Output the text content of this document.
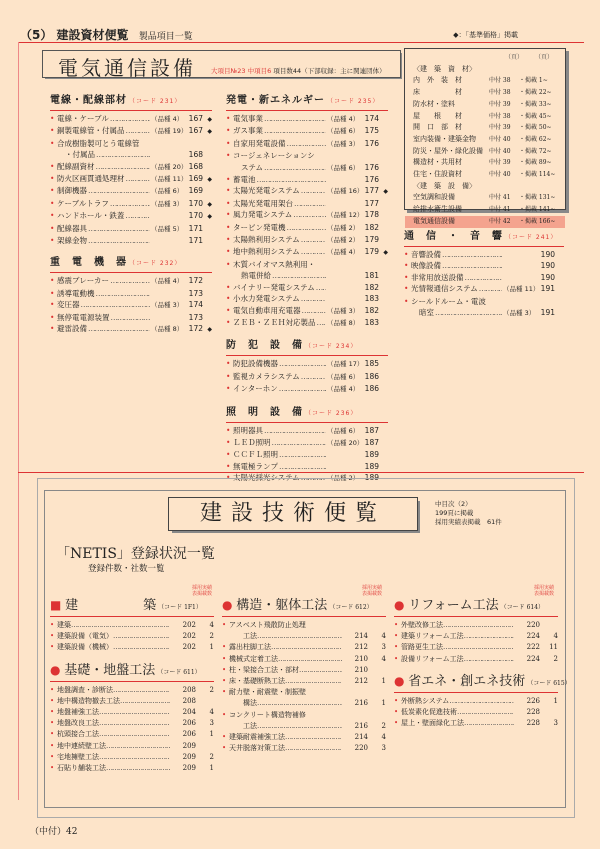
（5） 建設資材便覧 製品項目一覧	◆：「基準価格」掲載
電気通信設備 大項目№23 中項目6 項目数44（下部収録：主に関連団体）
（頁）	（頁）
〈建　築　資　材〉
内　外　装　材	中付 38	・掲載 1~
床　　　　　材	中付 38	・掲載 22~
防水材・塗料	中付 39	・掲載 33~
屋　　根　　材	中付 38	・掲載 45~
開　口　部　材	中付 39	・掲載 50~
室内装備・建築金物	中付 40	・掲載 62~
防災・屋外・緑化設備	中付 40	・掲載 72~
構造材・共用材	中付 39	・掲載 89~
住宅・住設資材	中付 40	・掲載 114~
〈建　築　設　備〉
空気調和設備	中付 41	・掲載 131~
給排水衛生設備	中付 41	・掲載 141~
電気通信設備	中付 42	・掲載 166~
電線・配線部材 （コード 231）
• 電線・ケーブル …………………………………………………………………………………………………	（品種 4） 167 ◆
• 銅製電線管・付属品 …………………………………………………………………………………………………	（品種 19） 167 ◆
• 合成樹脂製可とう電線管
・付属品 …………………………………………………………………………………………………	168
• 配線副資材 …………………………………………………………………………………………………	（品種 20） 168
• 防火区画貫通処理材 …………………………………………………………………………………………………	（品種 11） 169 ◆
• 制御機器 …………………………………………………………………………………………………	（品種 6） 169
• ケーブルトラフ …………………………………………………………………………………………………	（品種 3） 170 ◆
• ハンドホール・鉄蓋 …………………………………………………………………………………………………	170 ◆
• 配線器具 …………………………………………………………………………………………………	（品種 5） 171
• 架線金物 …………………………………………………………………………………………………	171
重　電　機　器 （コード 232）
• 感震ブレーカー …………………………………………………………………………………………………	（品種 4） 172
• 誘導電動機 …………………………………………………………………………………………………	173
• 変圧器 …………………………………………………………………………………………………	（品種 3） 174
• 無停電電源装置 …………………………………………………………………………………………………	173
• 避雷設備 …………………………………………………………………………………………………	（品種 8） 172 ◆
発電・新エネルギー （コード 235）
• 電気事業 …………………………………………………………………………………………………	（品種 4） 174
• ガス事業 …………………………………………………………………………………………………	（品種 6） 175
• 自家用発電設備 …………………………………………………………………………………………………	（品種 3） 176
• コージェネレーションシ
ステム …………………………………………………………………………………………………	（品種 6） 176
• 蓄電池 …………………………………………………………………………………………………	176
• 太陽光発電システム …………………………………………………………………………………………………	（品種 16） 177 ◆
• 太陽光発電用架台 …………………………………………………………………………………………………	177
• 風力発電システム …………………………………………………………………………………………………	（品種 12） 178
• タービン発電機 …………………………………………………………………………………………………	（品種 2） 182
• 太陽熱利用システム …………………………………………………………………………………………………	（品種 2） 179
• 地中熱利用システム …………………………………………………………………………………………………	（品種 4） 179 ◆
• 木質バイオマス熱利用・
熱電併給 …………………………………………………………………………………………………	181
• バイナリー発電システム …………………………………………………………………………………………………	182
• 小水力発電システム …………………………………………………………………………………………………	183
• 電気自動車用充電器 …………………………………………………………………………………………………	（品種 3） 182
• ＺＥＢ・ＺＥＨ対応製品 ………………………………………………………………………………………………… （品種 8） 183
防　犯　設　備 （コード 234）
• 防犯設備機器 …………………………………………………………………………………………………	（品種 17） 185
• 監視カメラシステム …………………………………………………………………………………………………	（品種 6） 186
• インターホン …………………………………………………………………………………………………	（品種 4） 186
照　明　設　備 （コード 236）
• 照明器具 …………………………………………………………………………………………………	（品種 6） 187
• ＬＥＤ照明 …………………………………………………………………………………………………	（品種 20） 187
• ＣＣＦＬ照明 …………………………………………………………………………………………………	189
• 無電極ランプ …………………………………………………………………………………………………	189
• 太陽光採光システム …………………………………………………………………………………………………	（品種 2） 189
通　信　・　音　響 （コード 241）
• 音響設備 …………………………………………………………………………………………………	190
• 映像設備 …………………………………………………………………………………………………	190
• 非常用放送設備 …………………………………………………………………………………………………	190
• 光情報通信システム …………………………………………………………………………………………………	（品種 11） 191
• シールドルーム・電波
暗室 …………………………………………………………………………………………………	（品種 3） 191
建設技術便覧	中目次（2）
199頁に掲載
採用実績表掲載　61件
「NETIS」登録状況一覧
登録件数・社数一覧
採用実績
表掲載数
採用実績
表掲載数
採用実績
表掲載数
■ 建　　　　　築 （コード 1F1）
• 建築 …………………………………………………………………………	202	4
• 建築設備（電気） …………………………………………………………………………	202	2
• 建築設備（機械） …………………………………………………………………………	202	1
● 基礎・地盤工法 （コード 611）
• 地盤調査・診断法 …………………………………………………………………………	208	2
• 地中構造物撤去工法 …………………………………………………………………………	208
• 地盤補強工法 …………………………………………………………………………	204	4
• 地盤改良工法 …………………………………………………………………………	206	3
• 杭頭接合工法 …………………………………………………………………………	206	1
• 地中連続壁工法 …………………………………………………………………………	209
• 宅地擁壁工法 …………………………………………………………………………	209	2
• 石貼り舗装工法 …………………………………………………………………………	209	1
● 構造・躯体工法 （コード 612）
• アスベスト飛散防止処理
工法 …………………………………………………………………………	214	4
• 露出柱脚工法 …………………………………………………………………………	212	3
• 機械式定着工法 …………………………………………………………………………	210	4
• 柱・梁接合工法・部材 …………………………………………………………………………	210
• 床・基礎断熱工法 …………………………………………………………………………	212	1
• 耐力壁・耐震壁・制振壁
構法 …………………………………………………………………………	216	1
• コンクリート構造物補修
工法 …………………………………………………………………………	216	2
• 建築耐震補強工法 …………………………………………………………………………	214	4
• 天井脱落対策工法 …………………………………………………………………………	220	3
● リフォーム工法 （コード 614）
• 外壁改修工法 …………………………………………………………………………	220
• 建築リフォーム工法 …………………………………………………………………………	224	4
• 管路更生工法 …………………………………………………………………………	222	11
• 設備リフォーム工法 …………………………………………………………………………	224	2
● 省エネ・創エネ技術 （コード 615）
• 外断熱システム …………………………………………………………………………	226	1
• 低炭素化促進技術 …………………………………………………………………………	228
• 屋上・壁面緑化工法 …………………………………………………………………………	228	3
（中付）42
